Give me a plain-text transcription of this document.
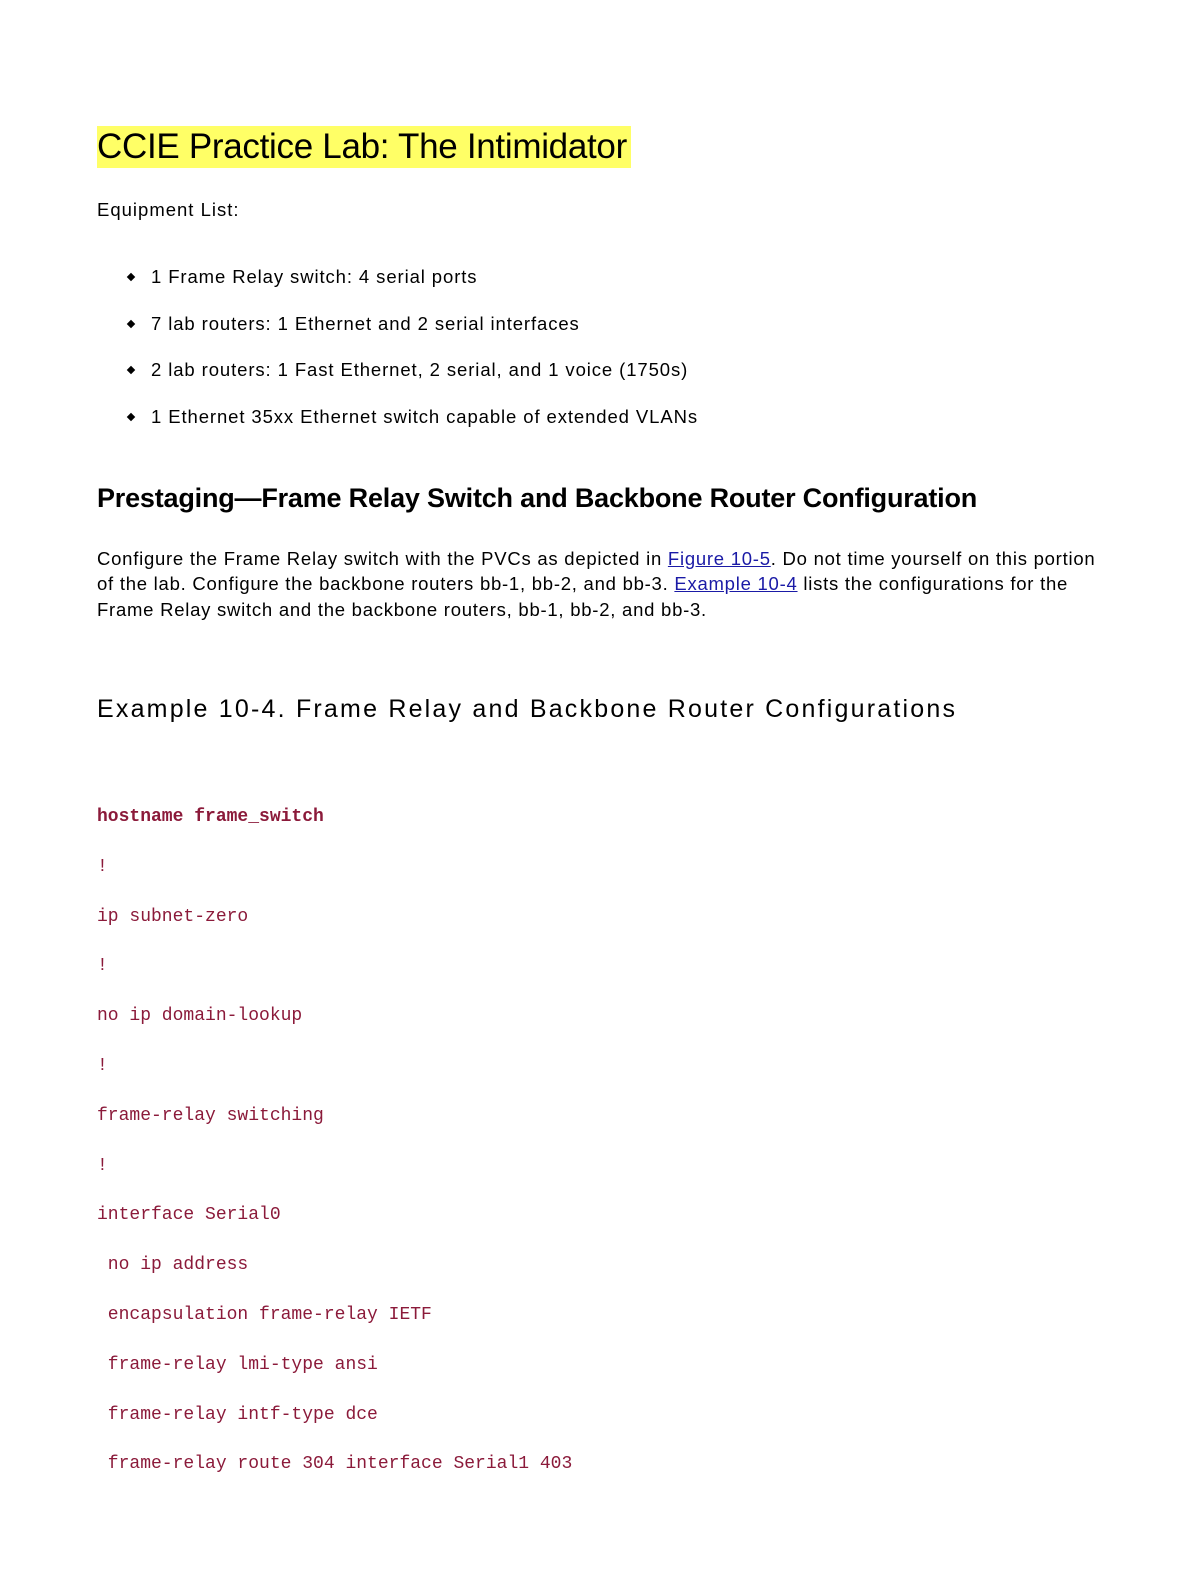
CCIE Practice Lab: The Intimidator
Equipment List:
1 Frame Relay switch: 4 serial ports
7 lab routers: 1 Ethernet and 2 serial interfaces
2 lab routers: 1 Fast Ethernet, 2 serial, and 1 voice (1750s)
1 Ethernet 35xx Ethernet switch capable of extended VLANs
Prestaging—Frame Relay Switch and Backbone Router Configuration
Configure the Frame Relay switch with the PVCs as depicted in Figure 10-5. Do not time yourself on this portion of the lab. Configure the backbone routers bb-1, bb-2, and bb-3. Example 10-4 lists the configurations for the Frame Relay switch and the backbone routers, bb-1, bb-2, and bb-3.
Example 10-4. Frame Relay and Backbone Router Configurations
hostname frame_switch
!
ip subnet-zero
!
no ip domain-lookup
!
frame-relay switching
!
interface Serial0
no ip address
encapsulation frame-relay IETF
frame-relay lmi-type ansi
frame-relay intf-type dce
frame-relay route 304 interface Serial1 403
